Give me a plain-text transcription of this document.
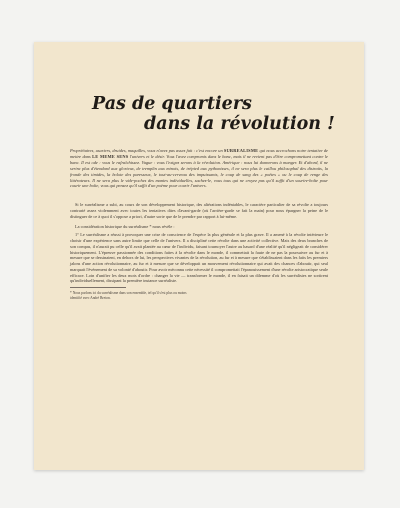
Pas de quartiers
dans la révolution !
Propriétaires, usuriers, druides, maquilles, vous n'avez pas assez fait : c'est encore un SURREALISME qui nous accrochons notre tentative de mettre dans LE MEME SENS l'univers et le désir. Vous l'avez compromis dans le banc, mais il ne revient pas d'être compromettant contre le banc. Il est ode : vous le rafraîchissez. Vague : vous l'exigez serons à la révolution. Amérique : nous lui donnerons à manger. Et d'abord, il ne serira plus d'étendard aux glorieux, de tremplin aux minois, de trépied aux pythonisses, il ne sera plus le caillou philosophal des distraits, la fronde des timides, la bolote des paresseux, le tout-au-cerveau des impuissants, le coup de sang des « poètes » ou le coup de renge des littérateurs. Il ne sera plus le vide-poches des manies individuelles, sachez-le, vous tous qui ne croyez pas qu'il suffit d'un sourire-boîte pour courir une boîte, vous qui pensez qu'il suffit d'un poème pour courir l'univers.

Si le surréalisme a subi, au cours de son développement historique, des altérations indéniables, le caractère particulier de sa révolte a toujours contrarié assez violemment avec toutes les tentatives dites d'avant-garde (où l'arrière-garde se fait la main) pour nous épargner la peine de le distinguer de ce à quoi il s'oppose a priori, d'autre sorte que de le prendre par rapport à lui-même.

La considération historique du surréalisme * nous révèle :

1° Le surréalisme a réussi à provoquer une crise de conscience de l'espèce la plus générale et la plus grave. Il a amené à la révolte intérieure le choisir d'une expérience sans autre limite que celle de l'univers. Il a discipliné cette révolte dans une activité collective. Mais des deux branches de son compas, il n'aurait pu celle qu'il avait plantée au cœur de l'individu, faisant tournoyer l'autre au hasard d'une réalité qu'il négligeait de considérer historiquement. L'épreuve passionnée des conditions faites à la révolte dans le monde, il commettait la faute de ne pas la poursuivre au fur et à mesure que se dessinaient, en dehors de lui, les perspectives vivantes de la révolution, au fur et à mesure que s'établissaient dans les faits les premiers jalons d'une action révolutionnaire, au fur et à mesure que se développait un mouvement révolutionnaire qui avait des chances d'aboutir, qui seul marquait l'événement de sa volonté d'aboutir. Pour avoir méconnu cette nécessité il compromettait l'épanouissement d'une révolte aristocratique seule efficace. Loin d'unifier les deux mots d'ordre : changer la vie — transformer le monde, il en faisait un dilemme d'où les surréalistes ne sortirent qu'individuellement, dissipant la première instance surréaliste.

* Nous parlons ici du surréalisme dans son ensemble, tel qu'il s'est plus ou moins identifié avec André Breton.
